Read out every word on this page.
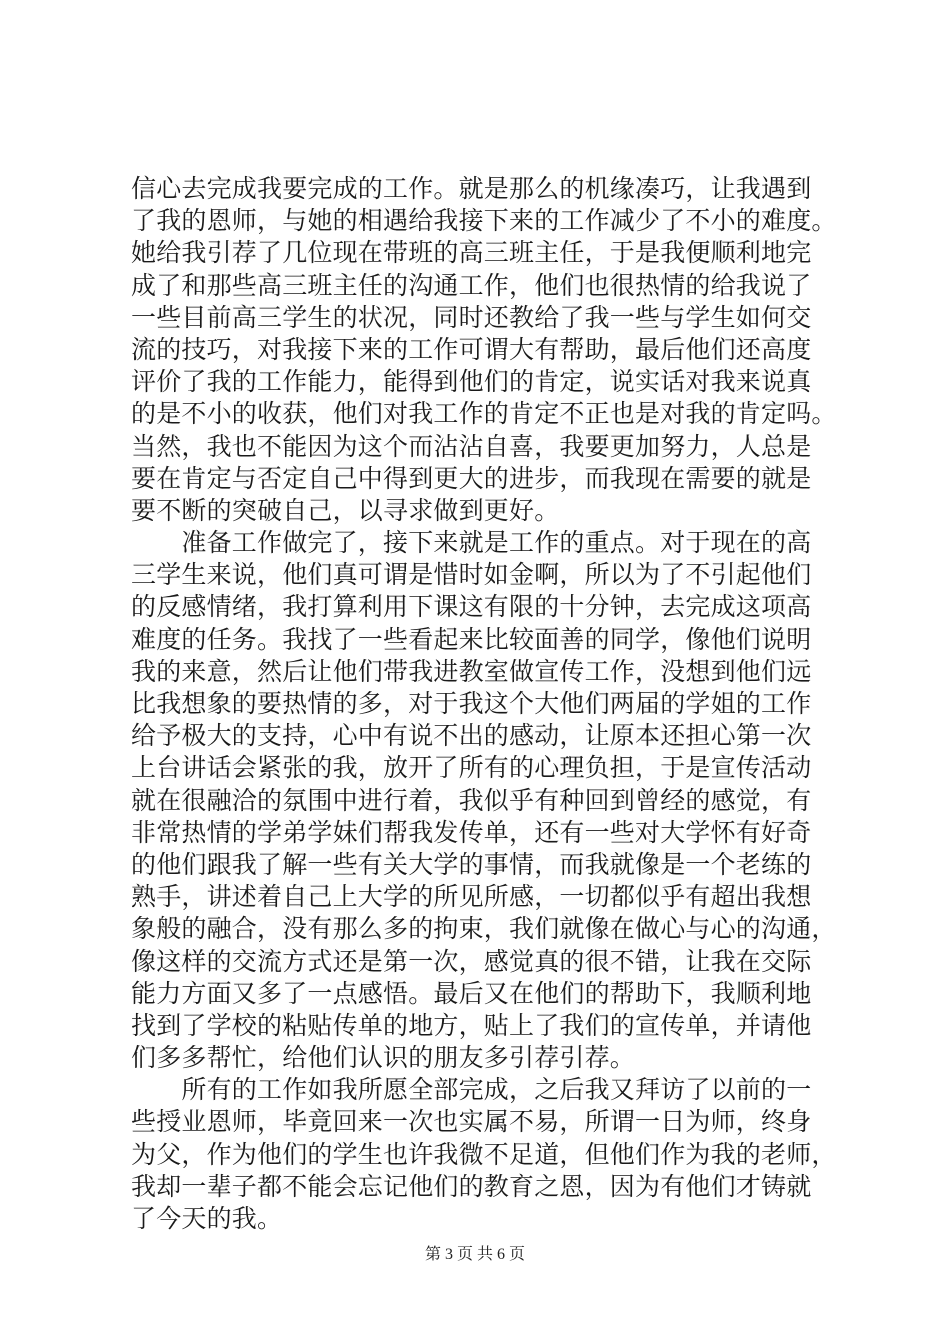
信心去完成我要完成的工作。就是那么的机缘凑巧，让我遇到
了我的恩师，与她的相遇给我接下来的工作减少了不小的难度。
她给我引荐了几位现在带班的高三班主任，于是我便顺利地完
成了和那些高三班主任的沟通工作，他们也很热情的给我说了
一些目前高三学生的状况，同时还教给了我一些与学生如何交
流的技巧，对我接下来的工作可谓大有帮助，最后他们还高度
评价了我的工作能力，能得到他们的肯定，说实话对我来说真
的是不小的收获，他们对我工作的肯定不正也是对我的肯定吗。
当然，我也不能因为这个而沾沾自喜，我要更加努力，人总是
要在肯定与否定自己中得到更大的进步，而我现在需要的就是
要不断的突破自己，以寻求做到更好。
　　准备工作做完了，接下来就是工作的重点。对于现在的高
三学生来说，他们真可谓是惜时如金啊，所以为了不引起他们
的反感情绪，我打算利用下课这有限的十分钟，去完成这项高
难度的任务。我找了一些看起来比较面善的同学，像他们说明
我的来意，然后让他们带我进教室做宣传工作，没想到他们远
比我想象的要热情的多，对于我这个大他们两届的学姐的工作
给予极大的支持，心中有说不出的感动，让原本还担心第一次
上台讲话会紧张的我，放开了所有的心理负担，于是宣传活动
就在很融洽的氛围中进行着，我似乎有种回到曾经的感觉，有
非常热情的学弟学妹们帮我发传单，还有一些对大学怀有好奇
的他们跟我了解一些有关大学的事情，而我就像是一个老练的
熟手，讲述着自己上大学的所见所感，一切都似乎有超出我想
象般的融合，没有那么多的拘束，我们就像在做心与心的沟通，
像这样的交流方式还是第一次，感觉真的很不错，让我在交际
能力方面又多了一点感悟。最后又在他们的帮助下，我顺利地
找到了学校的粘贴传单的地方，贴上了我们的宣传单，并请他
们多多帮忙，给他们认识的朋友多引荐引荐。
　　所有的工作如我所愿全部完成，之后我又拜访了以前的一
些授业恩师，毕竟回来一次也实属不易，所谓一日为师，终身
为父，作为他们的学生也许我微不足道，但他们作为我的老师，
我却一辈子都不能会忘记他们的教育之恩，因为有他们才铸就
了今天的我。
第 3 页 共 6 页
